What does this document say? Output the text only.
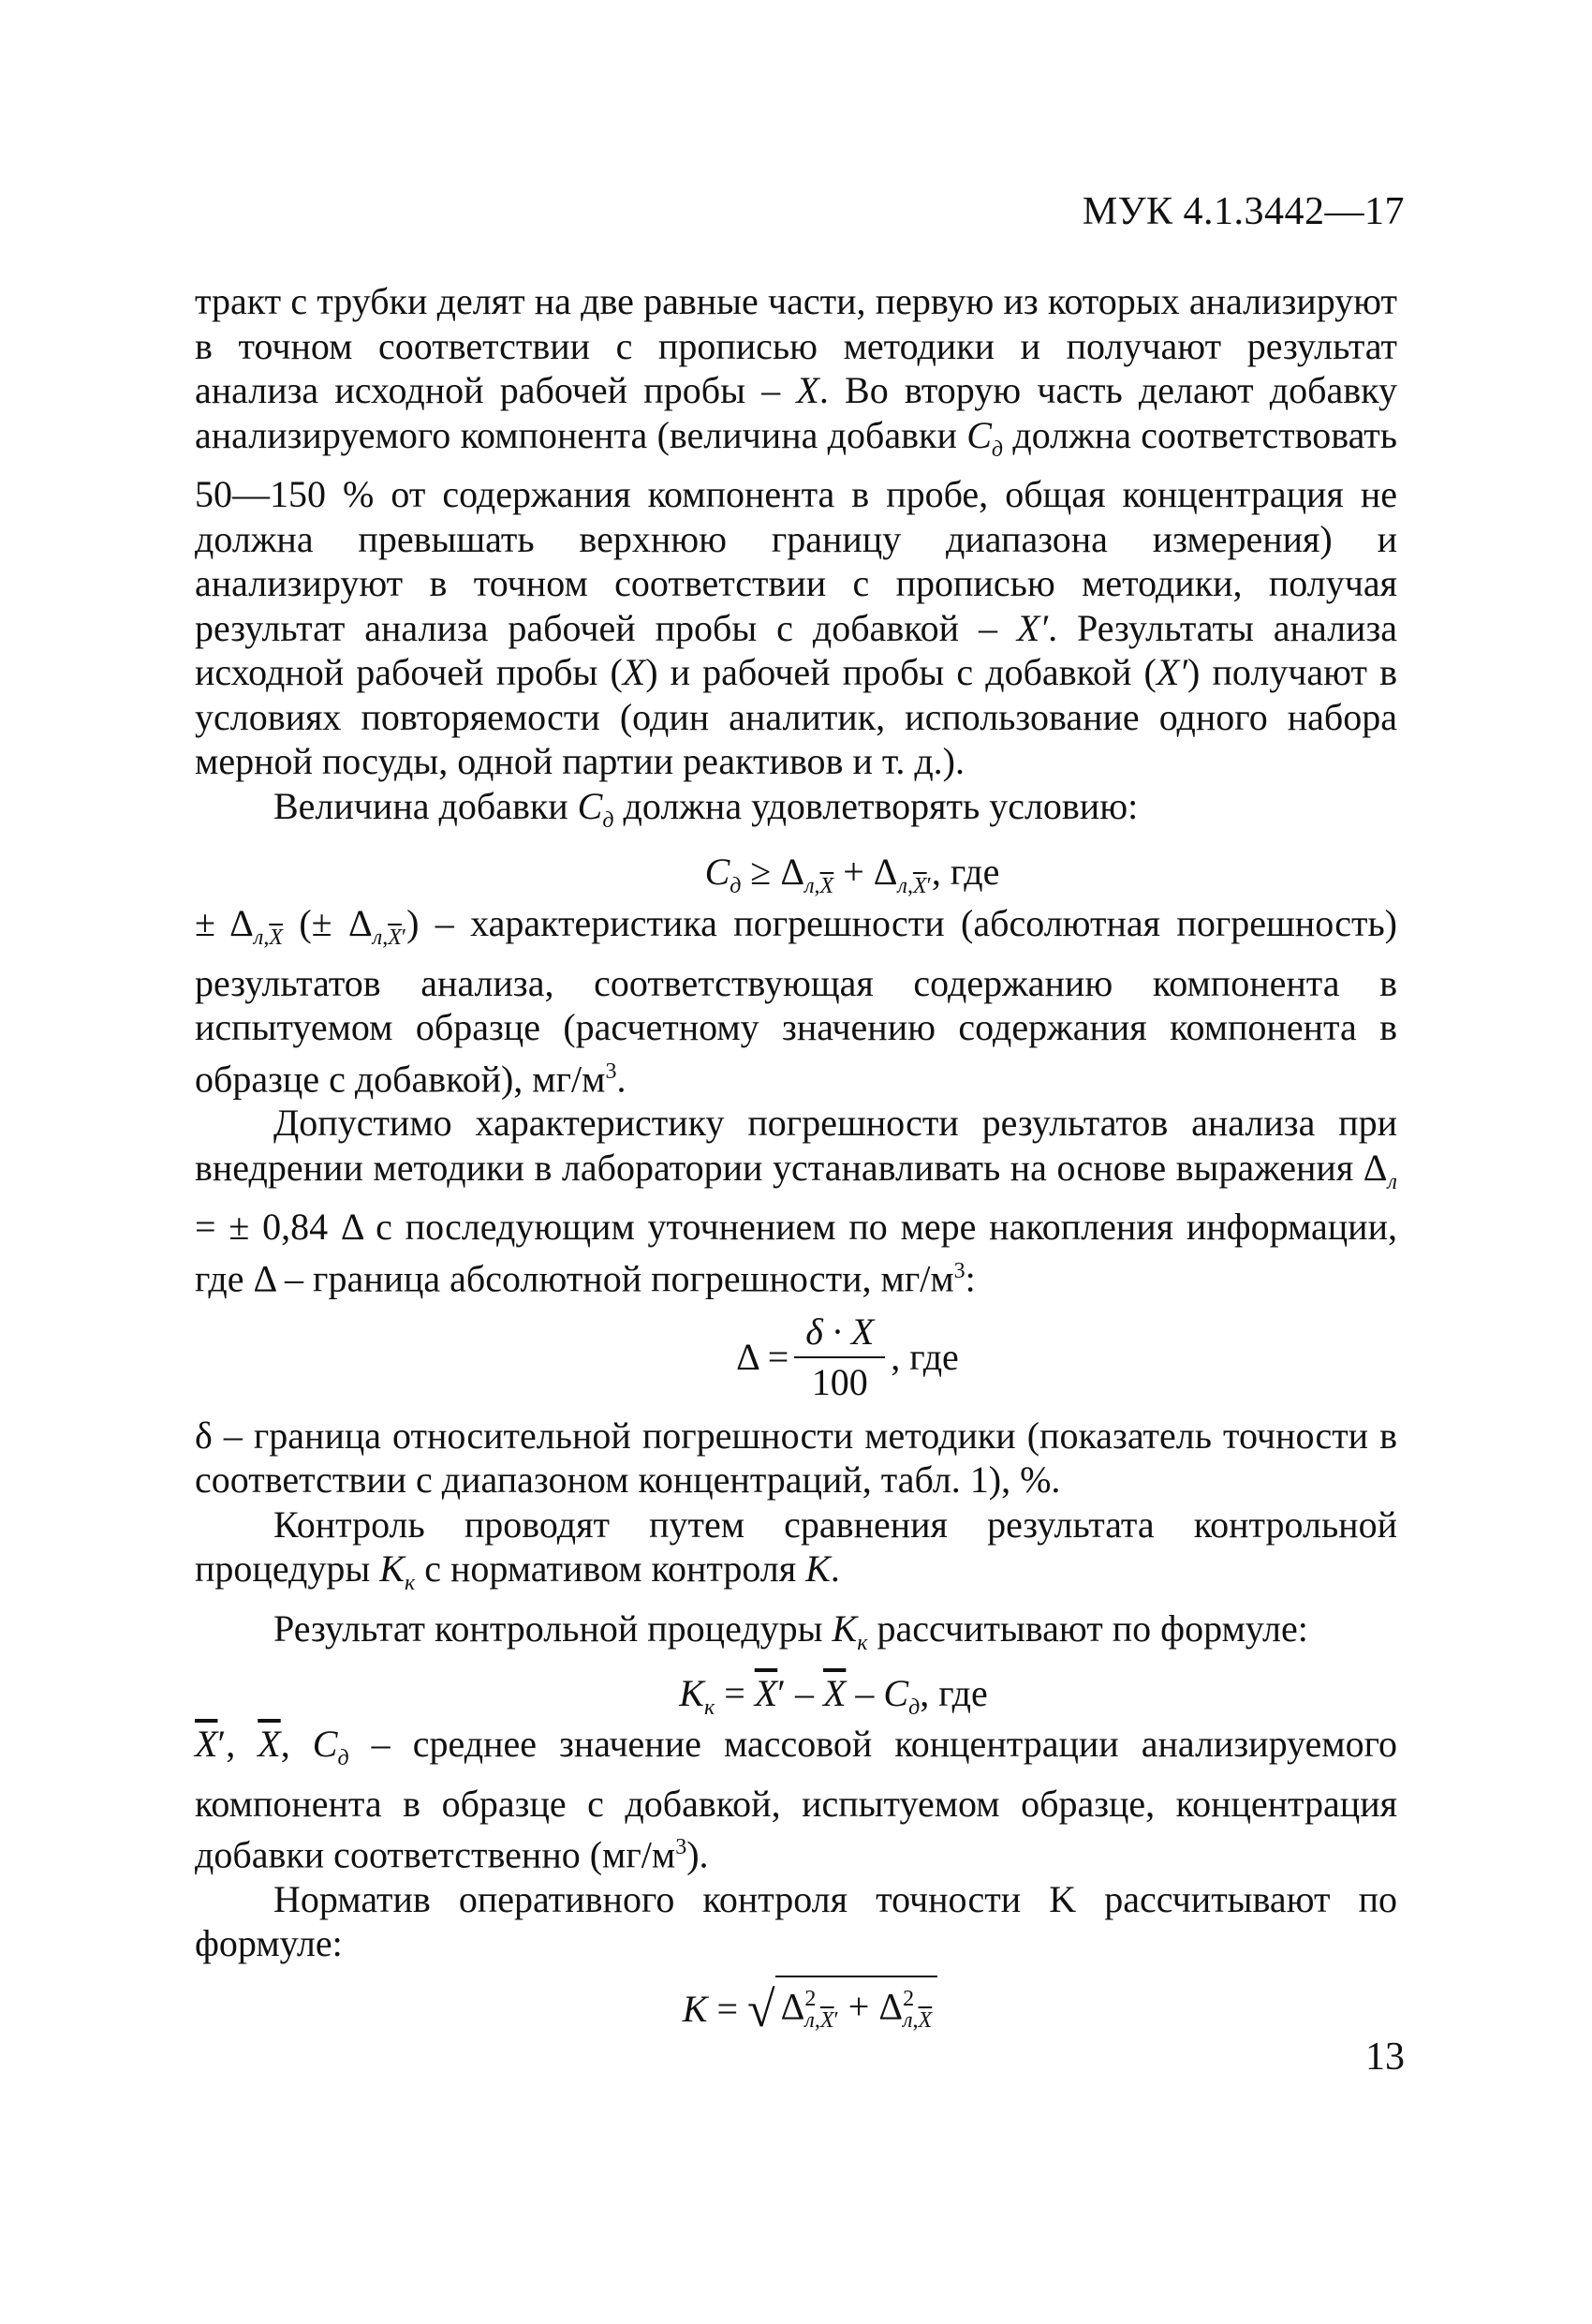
МУК 4.1.3442—17

тракт с трубки делят на две равные части, первую из которых анализируют в точном соответствии с прописью методики и получают результат анализа исходной рабочей пробы – X. Во вторую часть делают добавку анализируемого компонента (величина добавки $C_д$ должна соответствовать 50—150 % от содержания компонента в пробе, общая концентрация не должна превышать верхнюю границу диапазона измерения) и анализируют в точном соответствии с прописью методики, получая результат анализа рабочей пробы с добавкой – X′. Результаты анализа исходной рабочей пробы (X) и рабочей пробы с добавкой (X′) получают в условиях повторяемости (один аналитик, использование одного набора мерной посуды, одной партии реактивов и т. д.).

Величина добавки $C_д$ должна удовлетворять условию:

$C_д \ge \Delta_{л,\overline{X}} + \Delta_{л,\overline{X}'}$, где

± $\Delta_{л,\overline{X}}$ (± $\Delta_{л,\overline{X}'}$) – характеристика погрешности (абсолютная погрешность) результатов анализа, соответствующая содержанию компонента в испытуемом образце (расчетному значению содержания компонента в образце с добавкой), $мг/м^3$.

Допустимо характеристику погрешности результатов анализа при внедрении методики в лаборатории устанавливать на основе выражения $\Delta_л$ = ± 0,84 Δ с последующим уточнением по мере накопления информации, где Δ – граница абсолютной погрешности, $мг/м^3$:

$\Delta = \frac{\delta \cdot X}{100}$ , где

δ – граница относительной погрешности методики (показатель точности в соответствии с диапазоном концентраций, табл. 1), %.

Контроль проводят путем сравнения результата контрольной процедуры $K_к$ с нормативом контроля K.

Результат контрольной процедуры $K_к$ рассчитывают по формуле:

$K_к = \overline{X}' - \overline{X} - C_д$, где

$\overline{X}'$, $\overline{X}$, $C_д$ – среднее значение массовой концентрации анализируемого компонента в образце с добавкой, испытуемом образце, концентрация добавки соответственно $(мг/м^3)$.

Норматив оперативного контроля точности K рассчитывают по формуле:

K = √ $\Delta^2_{л,\overline{X}'} + \Delta^2_{л,\overline{X}}$
13
